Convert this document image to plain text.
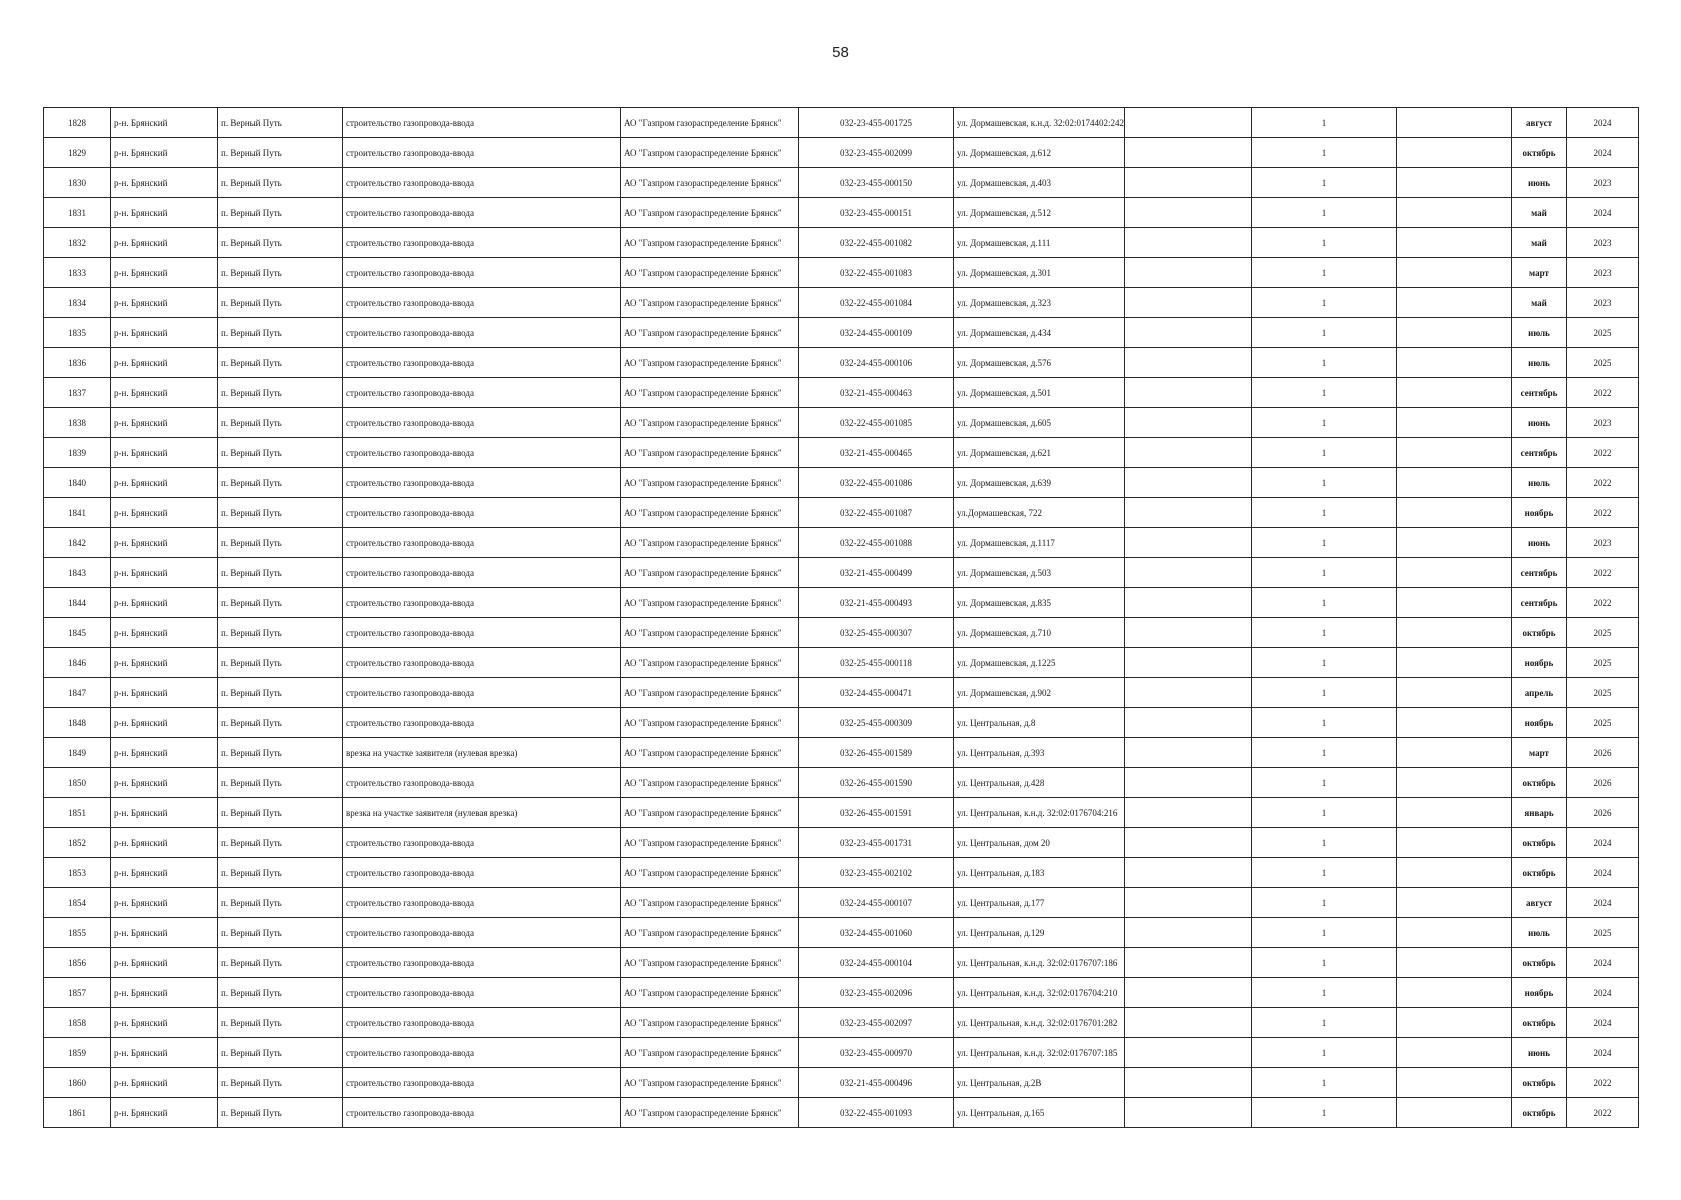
58
1828	р-н. Брянский	п. Верный Путь	строительство газопровода-ввода	АО "Газпром газораспределение Брянск"	032-23-455-001725	ул. Дормашевская, к.н.д. 32:02:0174402:242		1		август	2024
1829	р-н. Брянский	п. Верный Путь	строительство газопровода-ввода	АО "Газпром газораспределение Брянск"	032-23-455-002099	ул. Дормашевская, д.612		1		октябрь	2024
1830	р-н. Брянский	п. Верный Путь	строительство газопровода-ввода	АО "Газпром газораспределение Брянск"	032-23-455-000150	ул. Дормашевская, д.403		1		июнь	2023
1831	р-н. Брянский	п. Верный Путь	строительство газопровода-ввода	АО "Газпром газораспределение Брянск"	032-23-455-000151	ул. Дормашевская, д.512		1		май	2024
1832	р-н. Брянский	п. Верный Путь	строительство газопровода-ввода	АО "Газпром газораспределение Брянск"	032-22-455-001082	ул. Дормашевская, д.111		1		май	2023
1833	р-н. Брянский	п. Верный Путь	строительство газопровода-ввода	АО "Газпром газораспределение Брянск"	032-22-455-001083	ул. Дормашевская, д.301		1		март	2023
1834	р-н. Брянский	п. Верный Путь	строительство газопровода-ввода	АО "Газпром газораспределение Брянск"	032-22-455-001084	ул. Дормашевская, д.323		1		май	2023
1835	р-н. Брянский	п. Верный Путь	строительство газопровода-ввода	АО "Газпром газораспределение Брянск"	032-24-455-000109	ул. Дормашевская, д.434		1		июль	2025
1836	р-н. Брянский	п. Верный Путь	строительство газопровода-ввода	АО "Газпром газораспределение Брянск"	032-24-455-000106	ул. Дормашевская, д.576		1		июль	2025
1837	р-н. Брянский	п. Верный Путь	строительство газопровода-ввода	АО "Газпром газораспределение Брянск"	032-21-455-000463	ул. Дормашевская, д.501		1		сентябрь	2022
1838	р-н. Брянский	п. Верный Путь	строительство газопровода-ввода	АО "Газпром газораспределение Брянск"	032-22-455-001085	ул. Дормашевская, д.605		1		июнь	2023
1839	р-н. Брянский	п. Верный Путь	строительство газопровода-ввода	АО "Газпром газораспределение Брянск"	032-21-455-000465	ул. Дормашевская, д.621		1		сентябрь	2022
1840	р-н. Брянский	п. Верный Путь	строительство газопровода-ввода	АО "Газпром газораспределение Брянск"	032-22-455-001086	ул. Дормашевская, д.639		1		июль	2022
1841	р-н. Брянский	п. Верный Путь	строительство газопровода-ввода	АО "Газпром газораспределение Брянск"	032-22-455-001087	ул.Дормашевская, 722		1		ноябрь	2022
1842	р-н. Брянский	п. Верный Путь	строительство газопровода-ввода	АО "Газпром газораспределение Брянск"	032-22-455-001088	ул. Дормашевская, д.1117		1		июнь	2023
1843	р-н. Брянский	п. Верный Путь	строительство газопровода-ввода	АО "Газпром газораспределение Брянск"	032-21-455-000499	ул. Дормашевская, д.503		1		сентябрь	2022
1844	р-н. Брянский	п. Верный Путь	строительство газопровода-ввода	АО "Газпром газораспределение Брянск"	032-21-455-000493	ул. Дормашевская, д.835		1		сентябрь	2022
1845	р-н. Брянский	п. Верный Путь	строительство газопровода-ввода	АО "Газпром газораспределение Брянск"	032-25-455-000307	ул. Дормашевская, д.710		1		октябрь	2025
1846	р-н. Брянский	п. Верный Путь	строительство газопровода-ввода	АО "Газпром газораспределение Брянск"	032-25-455-000118	ул. Дормашевская, д.1225		1		ноябрь	2025
1847	р-н. Брянский	п. Верный Путь	строительство газопровода-ввода	АО "Газпром газораспределение Брянск"	032-24-455-000471	ул. Дормашевская, д.902		1		апрель	2025
1848	р-н. Брянский	п. Верный Путь	строительство газопровода-ввода	АО "Газпром газораспределение Брянск"	032-25-455-000309	ул. Центральная, д.8		1		ноябрь	2025
1849	р-н. Брянский	п. Верный Путь	врезка на участке заявителя (нулевая врезка)	АО "Газпром газораспределение Брянск"	032-26-455-001589	ул. Центральная, д.393		1		март	2026
1850	р-н. Брянский	п. Верный Путь	строительство газопровода-ввода	АО "Газпром газораспределение Брянск"	032-26-455-001590	ул. Центральная, д.428		1		октябрь	2026
1851	р-н. Брянский	п. Верный Путь	врезка на участке заявителя (нулевая врезка)	АО "Газпром газораспределение Брянск"	032-26-455-001591	ул. Центральная, к.н.д. 32:02:0176704:216		1		январь	2026
1852	р-н. Брянский	п. Верный Путь	строительство газопровода-ввода	АО "Газпром газораспределение Брянск"	032-23-455-001731	ул. Центральная, дом 20		1		октябрь	2024
1853	р-н. Брянский	п. Верный Путь	строительство газопровода-ввода	АО "Газпром газораспределение Брянск"	032-23-455-002102	ул. Центральная, д.183		1		октябрь	2024
1854	р-н. Брянский	п. Верный Путь	строительство газопровода-ввода	АО "Газпром газораспределение Брянск"	032-24-455-000107	ул. Центральная, д.177		1		август	2024
1855	р-н. Брянский	п. Верный Путь	строительство газопровода-ввода	АО "Газпром газораспределение Брянск"	032-24-455-001060	ул. Центральная, д.129		1		июль	2025
1856	р-н. Брянский	п. Верный Путь	строительство газопровода-ввода	АО "Газпром газораспределение Брянск"	032-24-455-000104	ул. Центральная, к.н.д. 32:02:0176707:186		1		октябрь	2024
1857	р-н. Брянский	п. Верный Путь	строительство газопровода-ввода	АО "Газпром газораспределение Брянск"	032-23-455-002096	ул. Центральная, к.н.д. 32:02:0176704:210		1		ноябрь	2024
1858	р-н. Брянский	п. Верный Путь	строительство газопровода-ввода	АО "Газпром газораспределение Брянск"	032-23-455-002097	ул. Центральная, к.н.д. 32:02:0176701:282		1		октябрь	2024
1859	р-н. Брянский	п. Верный Путь	строительство газопровода-ввода	АО "Газпром газораспределение Брянск"	032-23-455-000970	ул. Центральная, к.н.д. 32:02:0176707:185		1		июнь	2024
1860	р-н. Брянский	п. Верный Путь	строительство газопровода-ввода	АО "Газпром газораспределение Брянск"	032-21-455-000496	ул. Центральная, д.2В		1		октябрь	2022
1861	р-н. Брянский	п. Верный Путь	строительство газопровода-ввода	АО "Газпром газораспределение Брянск"	032-22-455-001093	ул. Центральная, д.165		1		октябрь	2022
